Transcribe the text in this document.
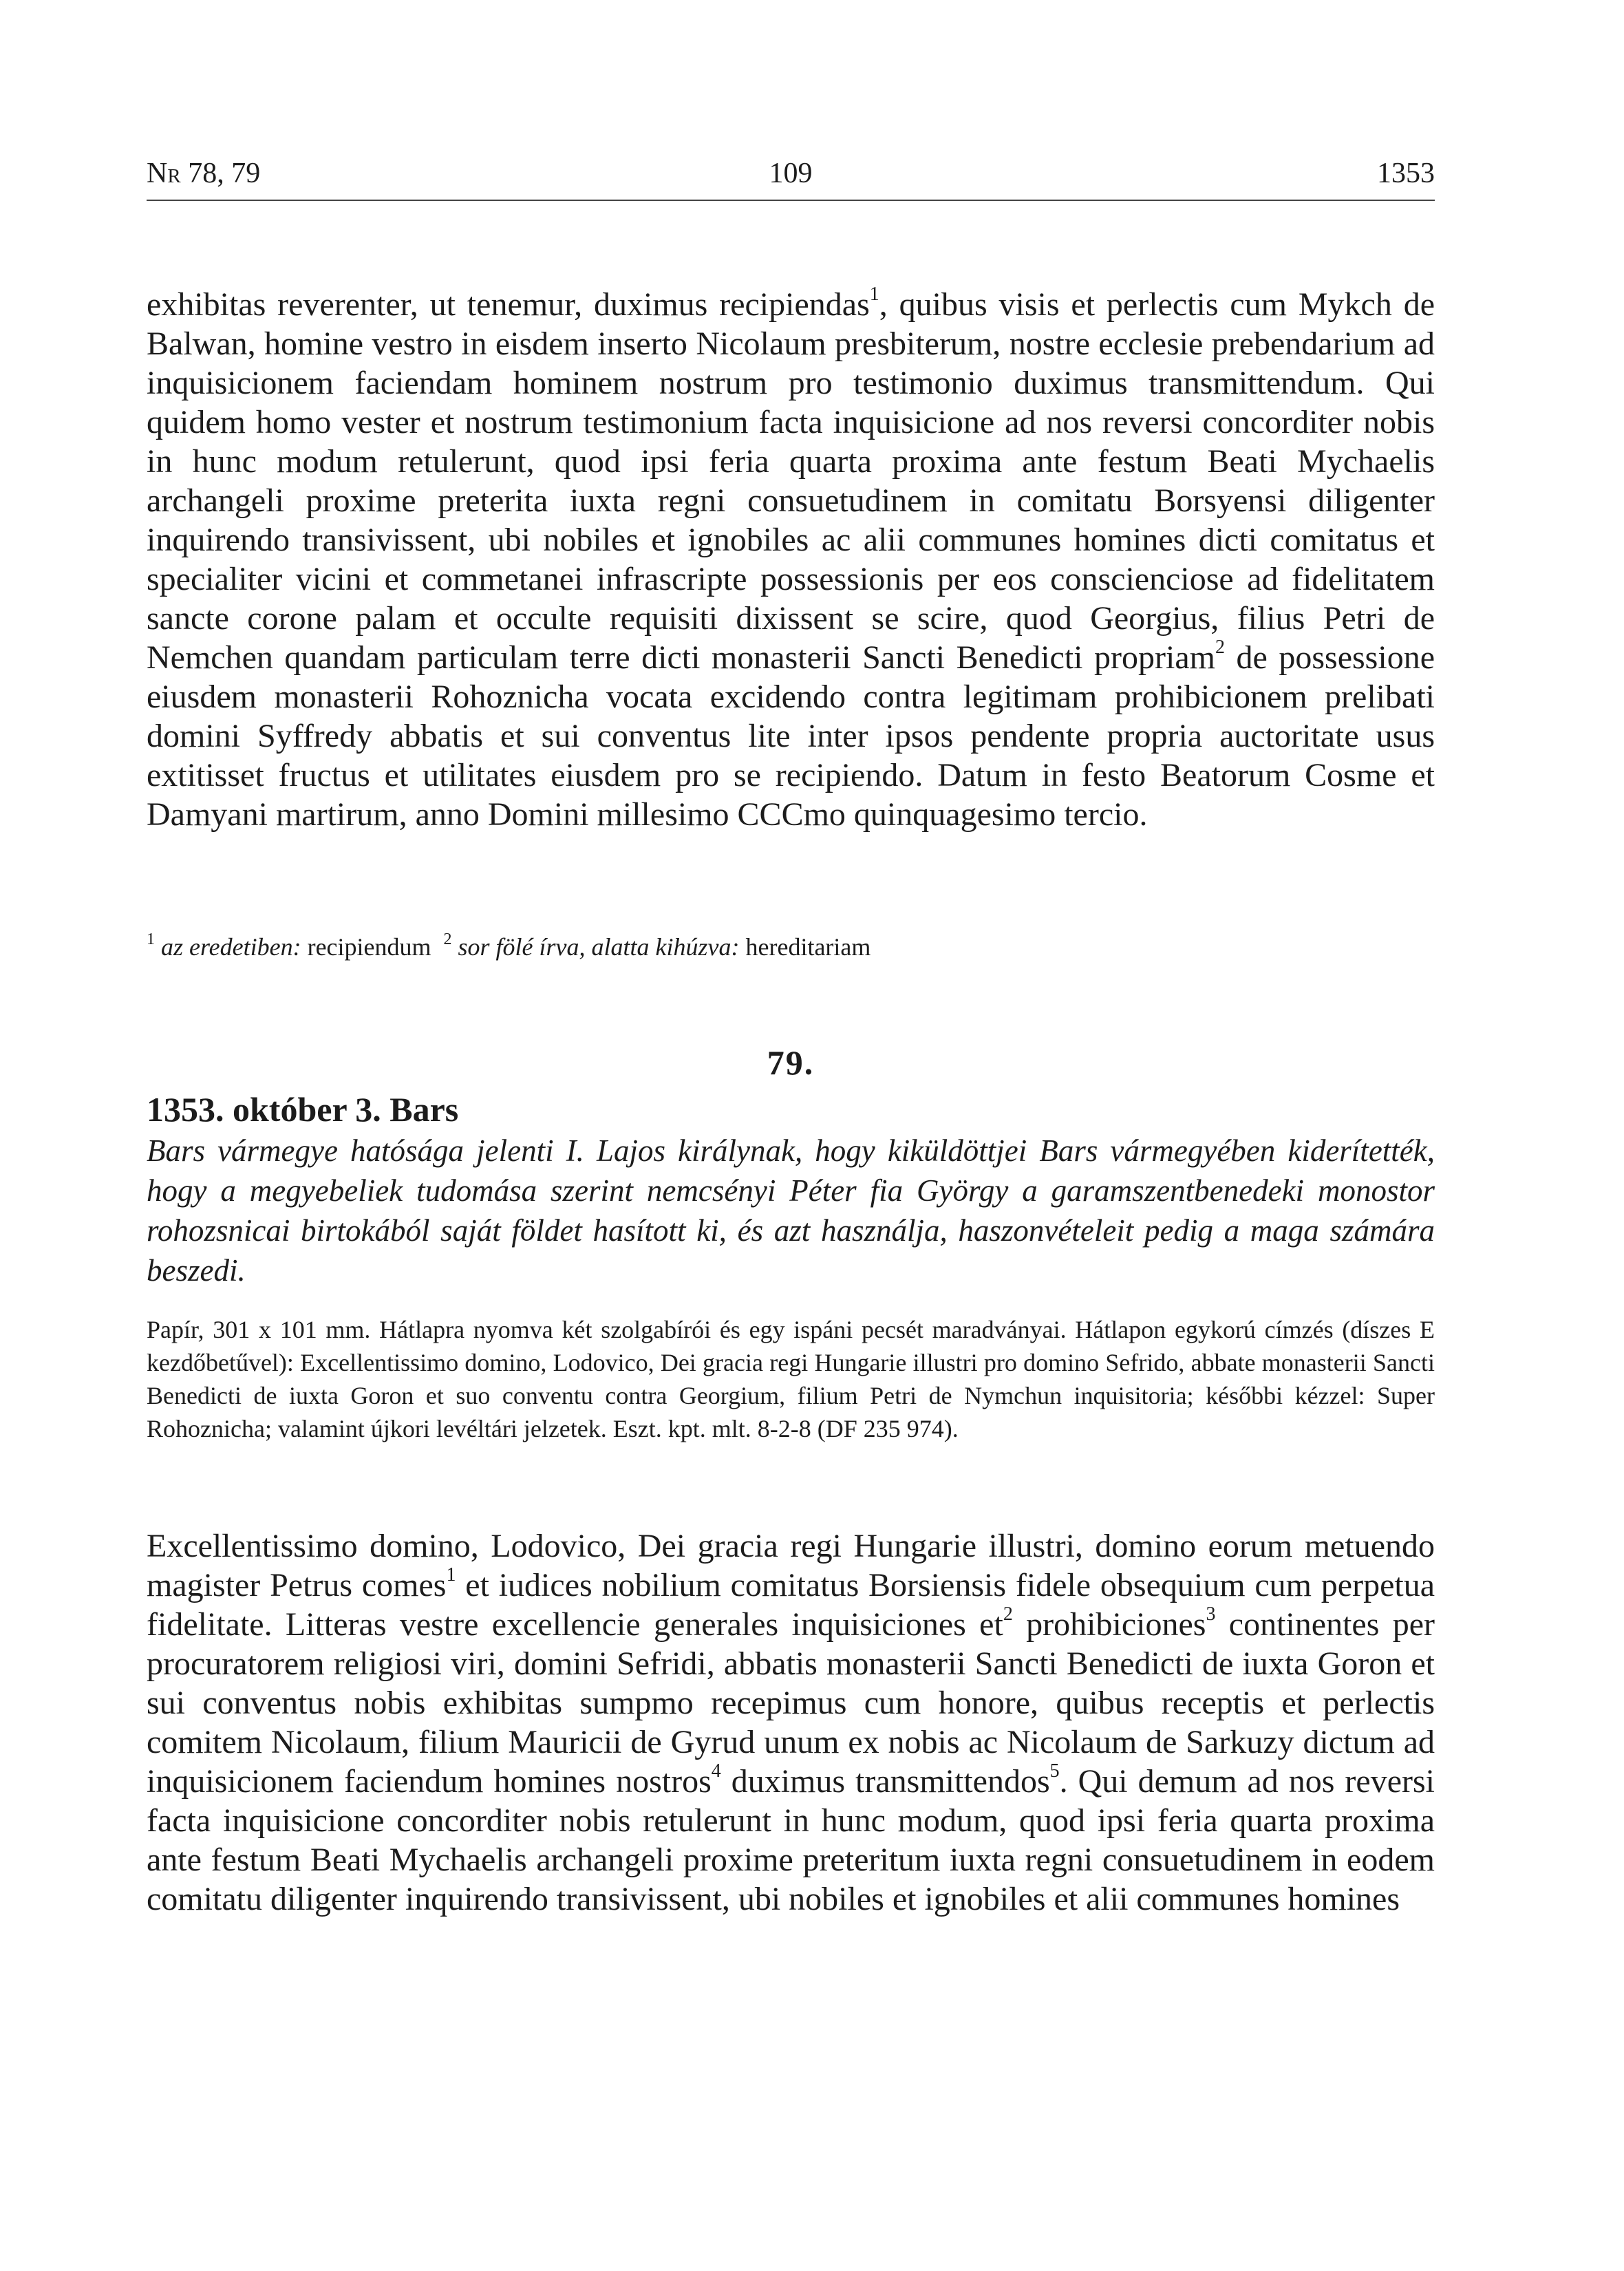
Nr 78, 79	109	1353

exhibitas reverenter, ut tenemur, duximus recipiendas$^1$, quibus visis et perlectis cum Mykch de Balwan, homine vestro in eisdem inserto Nicolaum presbiterum, nostre ecclesie prebendarium ad inquisicionem faciendam hominem nostrum pro testimonio duximus transmittendum. Qui quidem homo vester et nostrum testimonium facta inquisicione ad nos reversi concorditer nobis in hunc modum retulerunt, quod ipsi feria quarta proxima ante festum Beati Mychaelis archangeli proxime preterita iuxta regni consuetudinem in comitatu Borsyensi diligenter inquirendo transivissent, ubi nobiles et ignobiles ac alii communes homines dicti comitatus et specialiter vicini et commetanei infrascripte possessionis per eos conscienciose ad fidelitatem sancte corone palam et occulte requisiti dixissent se scire, quod Georgius, filius Petri de Nemchen quandam particulam terre dicti monasterii Sancti Benedicti propriam$^2$ de possessione eiusdem monasterii Rohoznicha vocata excidendo contra legitimam prohibicionem prelibati domini Syffredy abbatis et sui conventus lite inter ipsos pendente propria auctoritate usus extitisset fructus et utilitates eiusdem pro se recipiendo. Datum in festo Beatorum Cosme et Damyani martirum, anno Domini millesimo CCCmo quinquagesimo tercio.

$^1$ az eredetiben: recipiendum $^2$ sor fölé írva, alatta kihúzva: hereditariam

79.
1353. október 3. Bars

Bars vármegye hatósága jelenti I. Lajos királynak, hogy kiküldöttjei Bars vármegyében kiderítették, hogy a megyebeliek tudomása szerint nemcsényi Péter fia György a garamszentbenedeki monostor rohozsnicai birtokából saját földet hasított ki, és azt használja, haszonvételeit pedig a maga számára beszedi.

Papír, 301 x 101 mm. Hátlapra nyomva két szolgabírói és egy ispáni pecsét maradványai. Hátlapon egykorú címzés (díszes E kezdőbetűvel): Excellentissimo domino, Lodovico, Dei gracia regi Hungarie illustri pro domino Sefrido, abbate monasterii Sancti Benedicti de iuxta Goron et suo conventu contra Georgium, filium Petri de Nymchun inquisitoria; későbbi kézzel: Super Rohoznicha; valamint újkori levéltári jelzetek. Eszt. kpt. mlt. 8-2-8 (DF 235 974).

Excellentissimo domino, Lodovico, Dei gracia regi Hungarie illustri, domino eorum metuendo magister Petrus comes$^1$ et iudices nobilium comitatus Borsiensis fidele obsequium cum perpetua fidelitate. Litteras vestre excellencie generales inquisiciones $et^2$ prohibiciones$^3$ continentes per procuratorem religiosi viri, domini Sefridi, abbatis monasterii Sancti Benedicti de iuxta Goron et sui conventus nobis exhibitas sumpmo recepimus cum honore, quibus receptis et perlectis comitem Nicolaum, filium Mauricii de Gyrud unum ex nobis ac Nicolaum de Sarkuzy dictum ad inquisicionem faciendum homines nostros$^4$ duximus transmittendos$^5$. Qui demum ad nos reversi facta inquisicione concorditer nobis retulerunt in hunc modum, quod ipsi feria quarta proxima ante festum Beati Mychaelis archangeli proxime preteritum iuxta regni consuetudinem in eodem comitatu diligenter inquirendo transivissent, ubi nobiles et ignobiles et alii communes homines
